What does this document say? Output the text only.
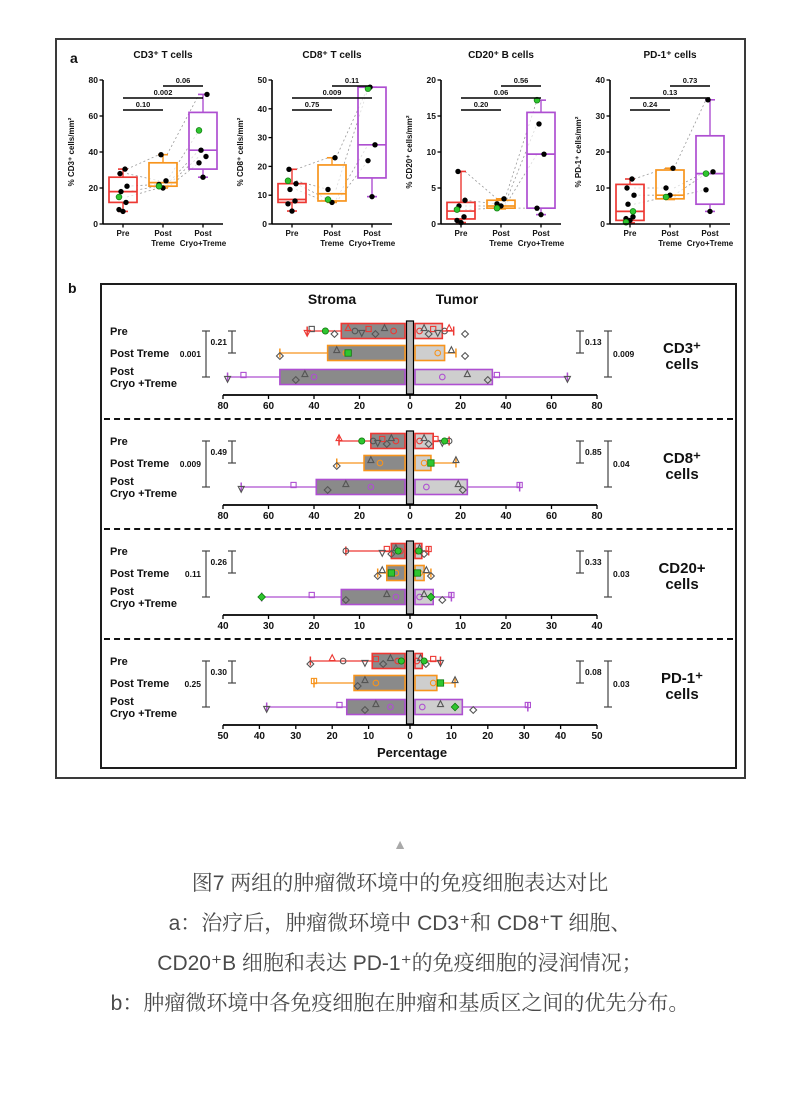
a	CD3⁺ T cells
0.10
0.002
0.06
0
20
40
60
80
Pre	Post
Treme
Post
Cryo+Treme
% CD3⁺ cells/mm²
CD8⁺ T cells
0.75
0.009
0.11
0
10
20
30
40
50
Pre	Post
Treme
Post
Cryo+Treme
% CD8⁺ cells/mm²
CD20⁺ B cells
0.20
0.06
0.56
0
5
10
15
20
Pre	Post
Treme
Post
Cryo+Treme
% CD20⁺ cells/mm²
PD-1⁺ cells
0.24
0.13
0.73
0
10
20
30
40
Pre	Post
Treme
Post
Cryo+Treme
% PD-1⁺ cells/mm²
b
Stroma	Tumor
20	20
40	40
60	60
80	80
0
Pre
Post Treme
Post
Cryo +Treme
0.21
0.001
0.13
0.009 CD3⁺
cells
20	20
40	40
60	60
80	80
0
Pre
Post Treme
Post
Cryo +Treme
0.49
0.009
0.85
0.04 CD8⁺
cells
10	10
20	20
30	30
40	40
0
Pre
Post Treme
Post
Cryo +Treme
0.26
0.11
0.33
0.03 CD20+
cells
10	10
20	20
30	30
40	40
50	50
0
Pre
Post Treme
Post
Cryo +Treme
0.30
0.25
0.08
0.03 PD-1⁺
cells
Percentage
▲
图7 两组的肿瘤微环境中的免疫细胞表达对比
a：治疗后，肿瘤微环境中 CD3⁺和 CD8⁺T 细胞、
CD20⁺B 细胞和表达 PD-1⁺的免疫细胞的浸润情况；
b：肿瘤微环境中各免疫细胞在肿瘤和基质区之间的优先分布。
